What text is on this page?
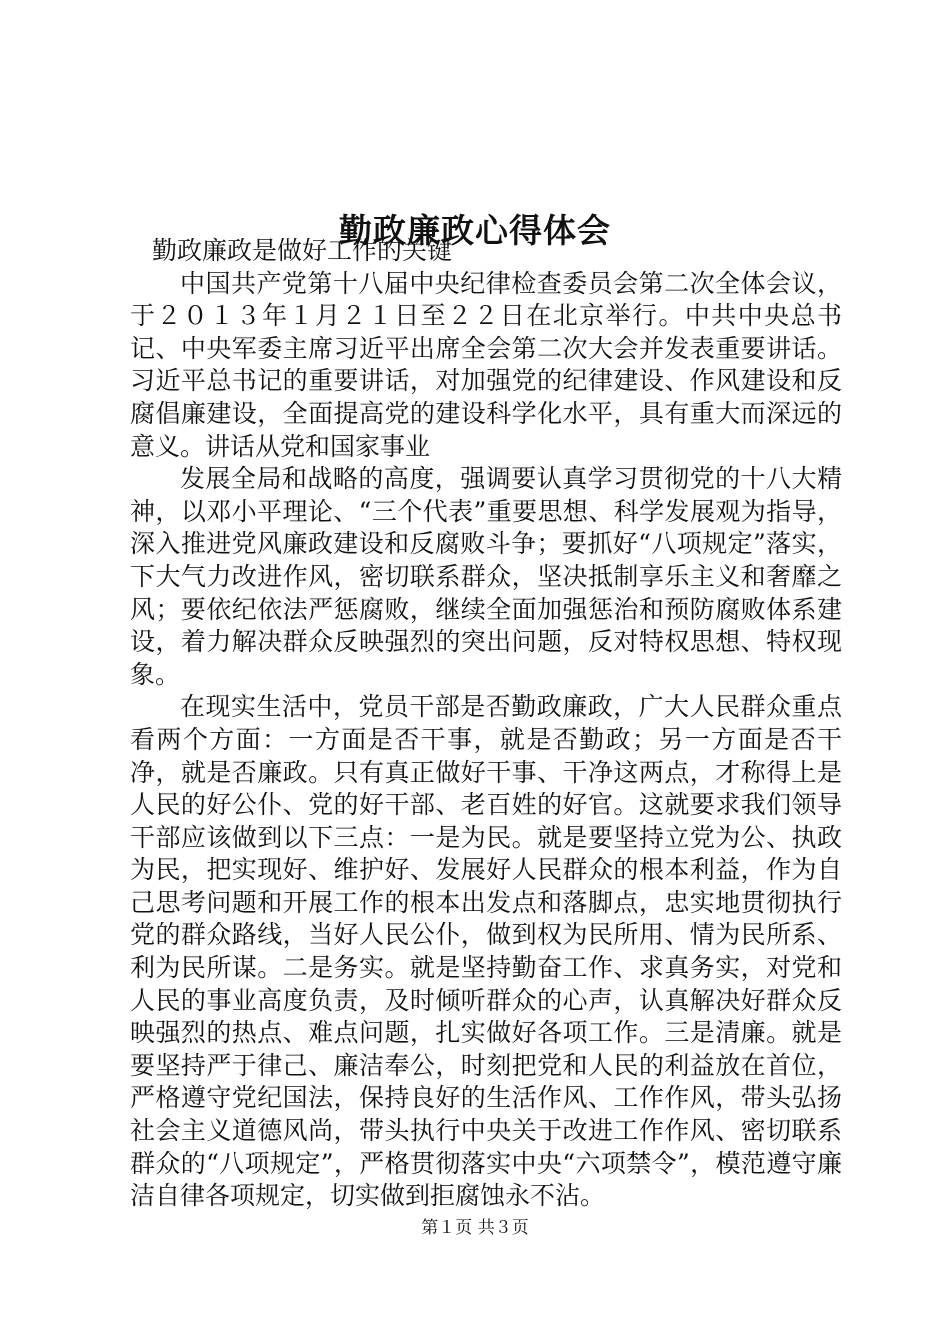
勤政廉政心得体会

勤政廉政是做好工作的关键

中国共产党第十八届中央纪律检查委员会第二次全体会议，于２０１３年１月２１日至２２日在北京举行。中共中央总书记、中央军委主席习近平出席全会第二次大会并发表重要讲话。习近平总书记的重要讲话，对加强党的纪律建设、作风建设和反腐倡廉建设，全面提高党的建设科学化水平，具有重大而深远的意义。讲话从党和国家事业

发展全局和战略的高度，强调要认真学习贯彻党的十八大精神，以邓小平理论、“三个代表”重要思想、科学发展观为指导，深入推进党风廉政建设和反腐败斗争；要抓好“八项规定”落实，下大气力改进作风，密切联系群众，坚决抵制享乐主义和奢靡之风；要依纪依法严惩腐败，继续全面加强惩治和预防腐败体系建设，着力解决群众反映强烈的突出问题，反对特权思想、特权现象。

在现实生活中，党员干部是否勤政廉政，广大人民群众重点看两个方面：一方面是否干事，就是否勤政；另一方面是否干净，就是否廉政。只有真正做好干事、干净这两点，才称得上是人民的好公仆、党的好干部、老百姓的好官。这就要求我们领导干部应该做到以下三点：一是为民。就是要坚持立党为公、执政为民，把实现好、维护好、发展好人民群众的根本利益，作为自己思考问题和开展工作的根本出发点和落脚点，忠实地贯彻执行党的群众路线，当好人民公仆，做到权为民所用、情为民所系、利为民所谋。二是务实。就是坚持勤奋工作、求真务实，对党和人民的事业高度负责，及时倾听群众的心声，认真解决好群众反映强烈的热点、难点问题，扎实做好各项工作。三是清廉。就是要坚持严于律己、廉洁奉公，时刻把党和人民的利益放在首位，严格遵守党纪国法，保持良好的生活作风、工作作风，带头弘扬社会主义道德风尚，带头执行中央关于改进工作作风、密切联系群众的“八项规定”，严格贯彻落实中央“六项禁令”，模范遵守廉洁自律各项规定，切实做到拒腐蚀永不沾。

第１页 共３页
